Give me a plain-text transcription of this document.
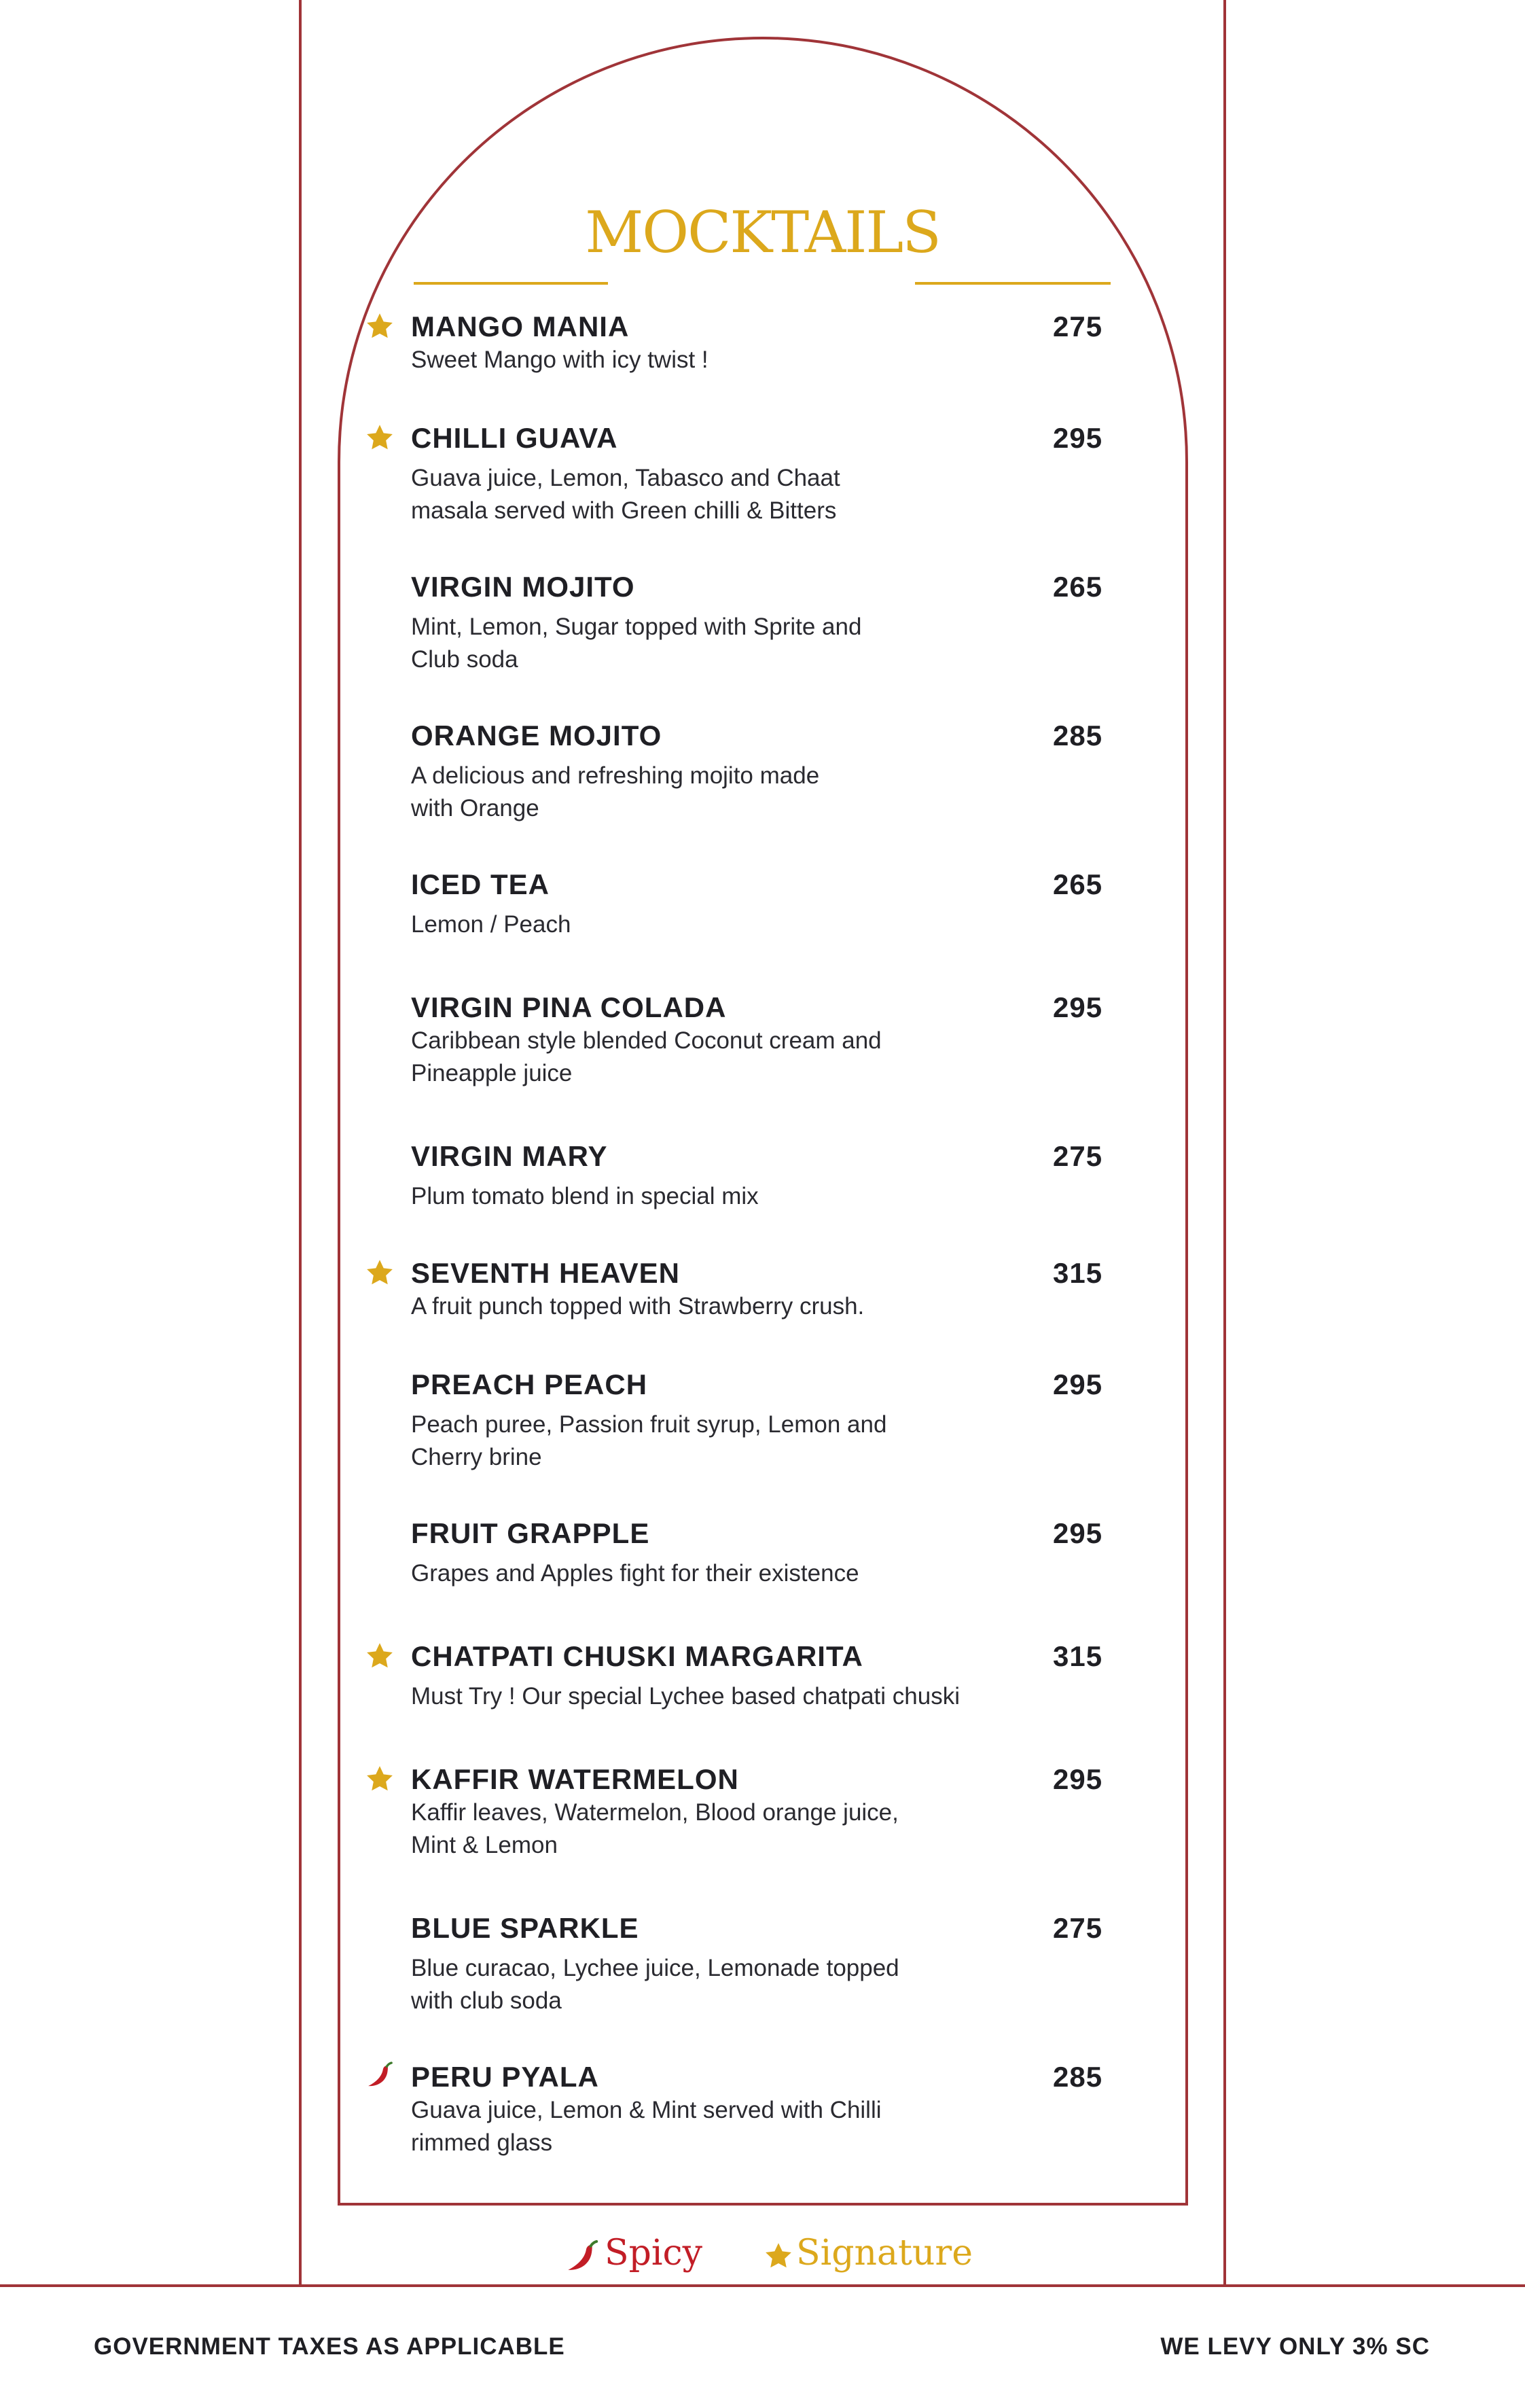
MOCKTAILS
MANGO MANIA	275
Sweet Mango with icy twist !
CHILLI GUAVA	295
Guava juice, Lemon, Tabasco and Chaat
masala served with Green chilli & Bitters
VIRGIN MOJITO	265
Mint, Lemon, Sugar topped with Sprite and
Club soda
ORANGE MOJITO	285
A delicious and refreshing mojito made
with Orange
ICED TEA	265
Lemon / Peach
VIRGIN PINA COLADA	295
Caribbean style blended Coconut cream and
Pineapple juice
VIRGIN MARY	275
Plum tomato blend in special mix
SEVENTH HEAVEN	315
A fruit punch topped with Strawberry crush.
PREACH PEACH	295
Peach puree, Passion fruit syrup, Lemon and
Cherry brine
FRUIT GRAPPLE	295
Grapes and Apples fight for their existence
CHATPATI CHUSKI MARGARITA	315
Must Try ! Our special Lychee based chatpati chuski
KAFFIR WATERMELON	295
Kaffir leaves, Watermelon, Blood orange juice,
Mint & Lemon
BLUE SPARKLE	275
Blue curacao, Lychee juice, Lemonade topped
with club soda
PERU PYALA	285
Guava juice, Lemon & Mint served with Chilli
rimmed glass
Spicy	Signature
GOVERNMENT TAXES AS APPLICABLE	WE LEVY ONLY 3% SC
